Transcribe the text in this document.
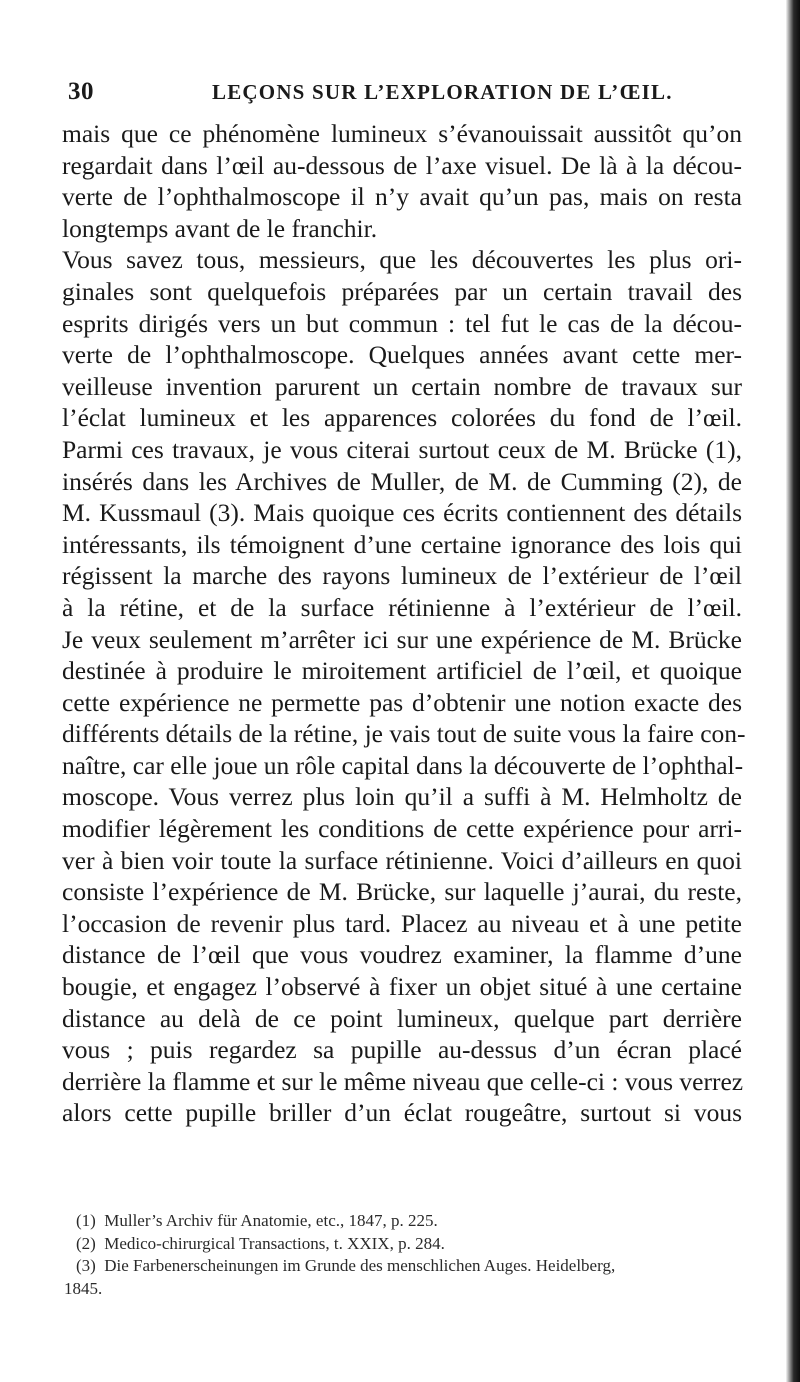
30	LEÇONS SUR L’EXPLORATION DE L’ŒIL.
mais que ce phénomène lumineux s’évanouissait aussitôt qu’on
regardait dans l’œil au-dessous de l’axe visuel. De là à la décou-
verte de l’ophthalmoscope il n’y avait qu’un pas, mais on resta
longtemps avant de le franchir.
Vous savez tous, messieurs, que les découvertes les plus ori-
ginales sont quelquefois préparées par un certain travail des
esprits dirigés vers un but commun : tel fut le cas de la décou-
verte de l’ophthalmoscope. Quelques années avant cette mer-
veilleuse invention parurent un certain nombre de travaux sur
l’éclat lumineux et les apparences colorées du fond de l’œil.
Parmi ces travaux, je vous citerai surtout ceux de M. Brücke (1),
insérés dans les Archives de Muller, de M. de Cumming (2), de
M. Kussmaul (3). Mais quoique ces écrits contiennent des détails
intéressants, ils témoignent d’une certaine ignorance des lois qui
régissent la marche des rayons lumineux de l’extérieur de l’œil
à la rétine, et de la surface rétinienne à l’extérieur de l’œil.
Je veux seulement m’arrêter ici sur une expérience de M. Brücke
destinée à produire le miroitement artificiel de l’œil, et quoique
cette expérience ne permette pas d’obtenir une notion exacte des
différents détails de la rétine, je vais tout de suite vous la faire con-
naître, car elle joue un rôle capital dans la découverte de l’ophthal-
moscope. Vous verrez plus loin qu’il a suffi à M. Helmholtz de
modifier légèrement les conditions de cette expérience pour arri-
ver à bien voir toute la surface rétinienne. Voici d’ailleurs en quoi
consiste l’expérience de M. Brücke, sur laquelle j’aurai, du reste,
l’occasion de revenir plus tard. Placez au niveau et à une petite
distance de l’œil que vous voudrez examiner, la flamme d’une
bougie, et engagez l’observé à fixer un objet situé à une certaine
distance au delà de ce point lumineux, quelque part derrière
vous ; puis regardez sa pupille au-dessus d’un écran placé
derrière la flamme et sur le même niveau que celle-ci : vous verrez
alors cette pupille briller d’un éclat rougeâtre, surtout si vous
(1) Muller’s Archiv für Anatomie, etc., 1847, p. 225.
(2) Medico-chirurgical Transactions, t. XXIX, p. 284.
(3) Die Farbenerscheinungen im Grunde des menschlichen Auges. Heidelberg,
1845.
